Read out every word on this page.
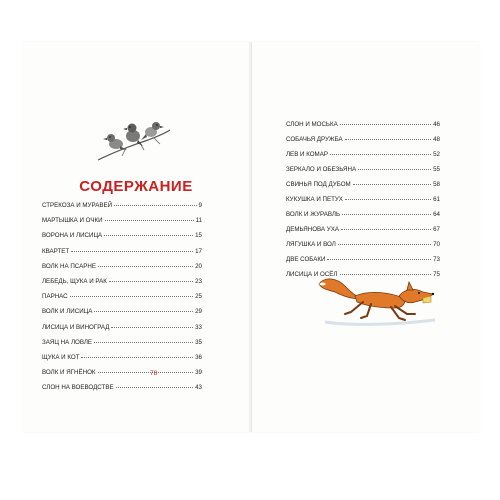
СОДЕРЖАНИЕ
СТРЕКОЗА И МУРАВЕЙ	9
МАРТЫШКА И ОЧКИ	11
ВОРОНА И ЛИСИЦА	15
КВАРТЕТ	17
ВОЛК НА ПСАРНЕ	20
ЛЕБЕДЬ, ЩУКА И РАК	23
ПАРНАС	25
ВОЛК И ЛИСИЦА	29
ЛИСИЦА И ВИНОГРАД	33
ЗАЯЦ НА ЛОВЛЕ	35
ЩУКА И КОТ	36
ВОЛК И ЯГНЁНОК	39
СЛОН НА ВОЕВОДСТВЕ	43
СЛОН И МОСЬКА	46
СОБАЧЬЯ ДРУЖБА	48
ЛЕВ И КОМАР	52
ЗЕРКАЛО И ОБЕЗЬЯНА	55
СВИНЬЯ ПОД ДУБОМ	58
КУКУШКА И ПЕТУХ	61
ВОЛК И ЖУРАВЛЬ	64
ДЕМЬЯНОВА УХА	67
ЛЯГУШКА И ВОЛ	70
ДВЕ СОБАКИ	73
ЛИСИЦА И ОСЁЛ	75
78
